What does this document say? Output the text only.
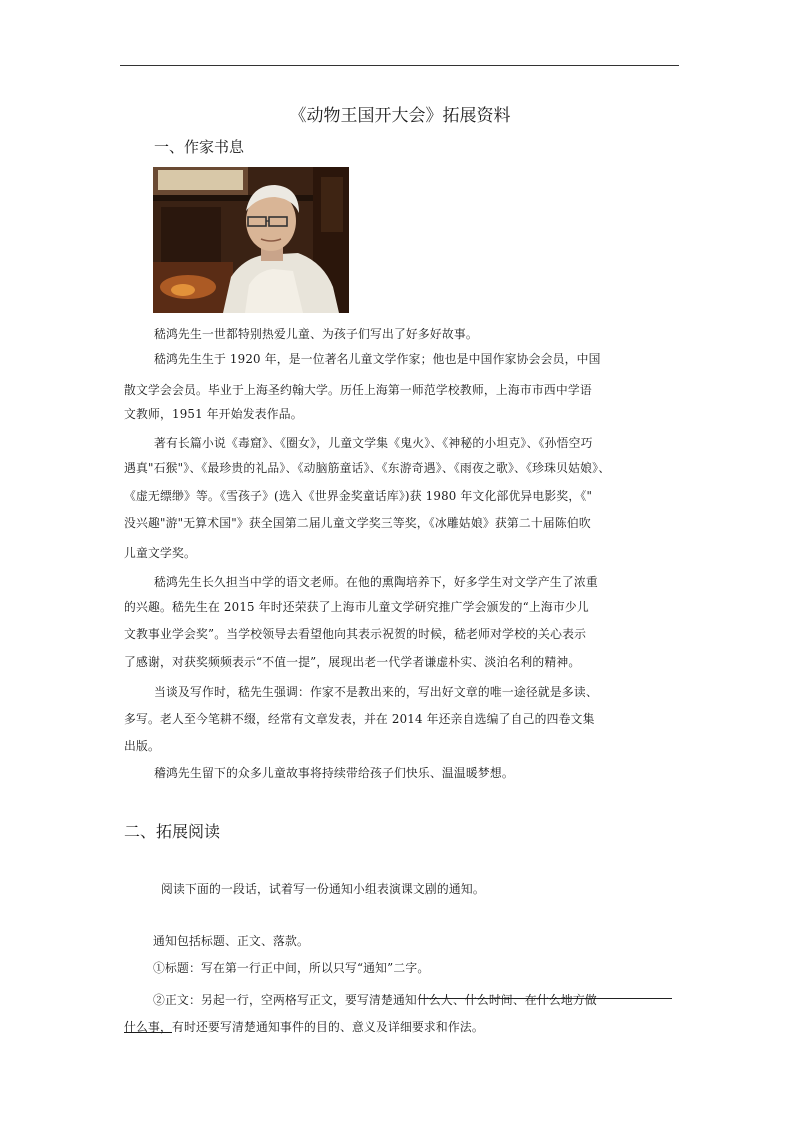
《动物王国开大会》拓展资料
一、作家书息
嵇鸿先生一世都特别热爱儿童、为孩子们写出了好多好故事。
嵇鸿先生生于 1920 年，是一位著名儿童文学作家；他也是中国作家协会会员，中国
散文学会会员。毕业于上海圣约翰大学。历任上海第一师范学校教师，上海市市西中学语
文教师，1951 年开始发表作品。
著有长篇小说《毒窟》、《圈女》，儿童文学集《鬼火》、《神秘的小坦克》、《孙悟空巧
遇真"石猴"》、《最珍贵的礼品》、《动脑筋童话》、《东游奇遇》、《雨夜之歌》、《珍珠贝姑娘》、
《虚无缥缈》等。《雪孩子》(选入《世界金奖童话库》)获 1980 年文化部优异电影奖，《"
没兴趣"游"无算术国"》获全国第二届儿童文学奖三等奖，《冰雕姑娘》获第二十届陈伯吹
儿童文学奖。
嵇鸿先生长久担当中学的语文老师。在他的熏陶培养下，好多学生对文学产生了浓重
的兴趣。嵇先生在 2015 年时还荣获了上海市儿童文学研究推广学会颁发的“上海市少儿
文教事业学会奖”。当学校领导去看望他向其表示祝贺的时候，嵇老师对学校的关心表示
了感谢，对获奖频频表示“不值一提”，展现出老一代学者谦虚朴实、淡泊名利的精神。
当谈及写作时，嵇先生强调：作家不是教出来的，写出好文章的唯一途径就是多读、
多写。老人至今笔耕不缀，经常有文章发表，并在 2014 年还亲自选编了自己的四卷文集
出版。
稽鸿先生留下的众多儿童故事将持续带给孩子们快乐、温温暖梦想。
二、拓展阅读
阅读下面的一段话，试着写一份通知小组表演课文剧的通知。
通知包括标题、正文、落款。
①标题：写在第一行正中间，所以只写“通知”二字。
②正文：另起一行，空两格写正文，要写清楚通知什么人、什么时间、在什么地方做
什么事，有时还要写清楚通知事件的目的、意义及详细要求和作法。
